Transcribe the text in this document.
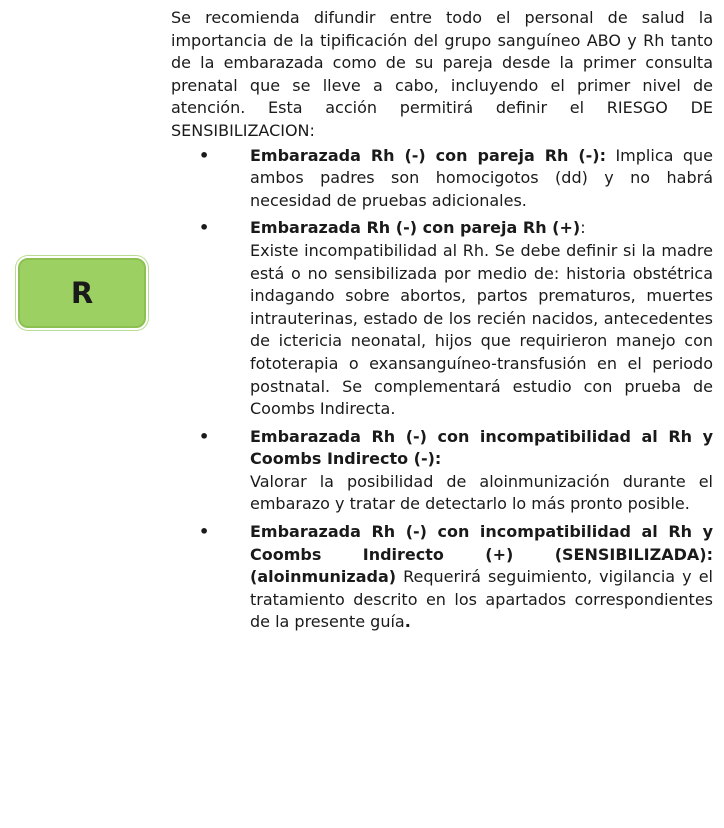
R

Se recomienda difundir entre todo el personal de salud la importancia de la tipificación del grupo sanguíneo ABO y Rh tanto de la embarazada como de su pareja desde la primer consulta prenatal que se lleve a cabo, incluyendo el primer nivel de atención. Esta acción permitirá definir el RIESGO DE SENSIBILIZACION:

•	Embarazada Rh (-) con pareja Rh (-): Implica que ambos padres son homocigotos (dd) y no habrá necesidad de pruebas adicionales.
•	Embarazada Rh (-) con pareja Rh (+):
Existe incompatibilidad al Rh. Se debe definir si la madre está o no sensibilizada por medio de: historia obstétrica indagando sobre abortos, partos prematuros, muertes intrauterinas, estado de los recién nacidos, antecedentes de ictericia neonatal, hijos que requirieron manejo con fototerapia o exansanguíneo-transfusión en el periodo postnatal. Se complementará estudio con prueba de Coombs Indirecta.
•	Embarazada Rh (-) con incompatibilidad al Rh y Coombs Indirecto (-):
Valorar la posibilidad de aloinmunización durante el embarazo y tratar de detectarlo lo más pronto posible.
•	Embarazada Rh (-) con incompatibilidad al Rh y Coombs Indirecto (+) (SENSIBILIZADA): (aloinmunizada) Requerirá seguimiento, vigilancia y el tratamiento descrito en los apartados correspondientes de la presente guía.
